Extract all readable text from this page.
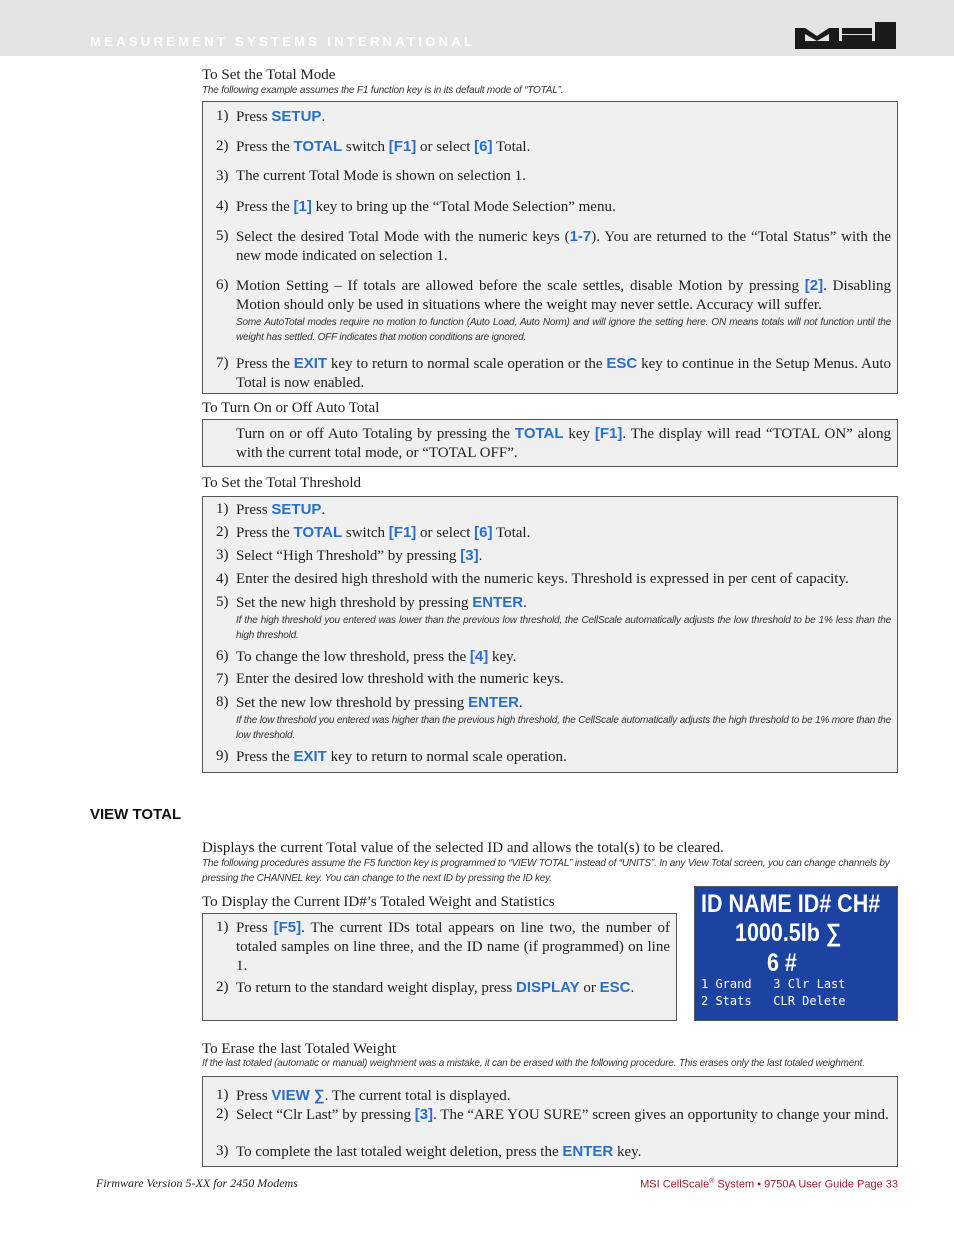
MEASUREMENT SYSTEMS INTERNATIONAL
To Set the Total Mode
The following example assumes the F1 function key is in its default mode of “TOTAL”.
1) Press SETUP.
2) Press the TOTAL switch [F1] or select [6] Total.
3) The current Total Mode is shown on selection 1.
4) Press the [1] key to bring up the “Total Mode Selection” menu.
5) Select the desired Total Mode with the numeric keys (1-7). You are returned to the “Total Status” with the new mode indicated on selection 1.
6) Motion Setting – If totals are allowed before the scale settles, disable Motion by pressing [2]. Disabling Motion should only be used in situations where the weight may never settle. Accuracy will suffer.
Some AutoTotal modes require no motion to function (Auto Load, Auto Norm) and will ignore the setting here. ON means totals will not function until the weight has settled. OFF indicates that motion conditions are ignored.
7) Press the EXIT key to return to normal scale operation or the ESC key to continue in the Setup Menus. Auto Total is now enabled.
To Turn On or Off Auto Total
Turn on or off Auto Totaling by pressing the TOTAL key [F1]. The display will read “TOTAL ON” along with the current total mode, or “TOTAL OFF”.
To Set the Total Threshold
1) Press SETUP.
2) Press the TOTAL switch [F1] or select [6] Total.
3) Select “High Threshold” by pressing [3].
4) Enter the desired high threshold with the numeric keys. Threshold is expressed in per cent of capacity.
5) Set the new high threshold by pressing ENTER.
If the high threshold you entered was lower than the previous low threshold, the CellScale automatically adjusts the low threshold to be 1% less than the high threshold.
6) To change the low threshold, press the [4] key.
7) Enter the desired low threshold with the numeric keys.
8) Set the new low threshold by pressing ENTER.
If the low threshold you entered was higher than the previous high threshold, the CellScale automatically adjusts the high threshold to be 1% more than the low threshold.
9) Press the EXIT key to return to normal scale operation.
VIEW TOTAL
Displays the current Total value of the selected ID and allows the total(s) to be cleared.
The following procedures assume the F5 function key is programmed to “VIEW TOTAL” instead of “UNITS”. In any View Total screen, you can change channels by pressing the CHANNEL key. You can change to the next ID by pressing the ID key.
To Display the Current ID#’s Totaled Weight and Statistics
1) Press [F5]. The current IDs total appears on line two, the number of totaled samples on line three, and the ID name (if programmed) on line 1.
2) To return to the standard weight display, press DISPLAY or ESC.
ID NAME ID# CH#
1000.5lb ∑
6 #
1 Grand   3 Clr Last
2 Stats   CLR Delete
To Erase the last Totaled Weight
If the last totaled (automatic or manual) weighment was a mistake, it can be erased with the following procedure. This erases only the last totaled weighment.
1) Press VIEW ∑. The current total is displayed.
2) Select “Clr Last” by pressing [3]. The “ARE YOU SURE” screen gives an opportunity to change your mind.
3) To complete the last totaled weight deletion, press the ENTER key.
Firmware Version 5-XX for 2450 Modems	MSI CellScale® System • 9750A User Guide Page 33
